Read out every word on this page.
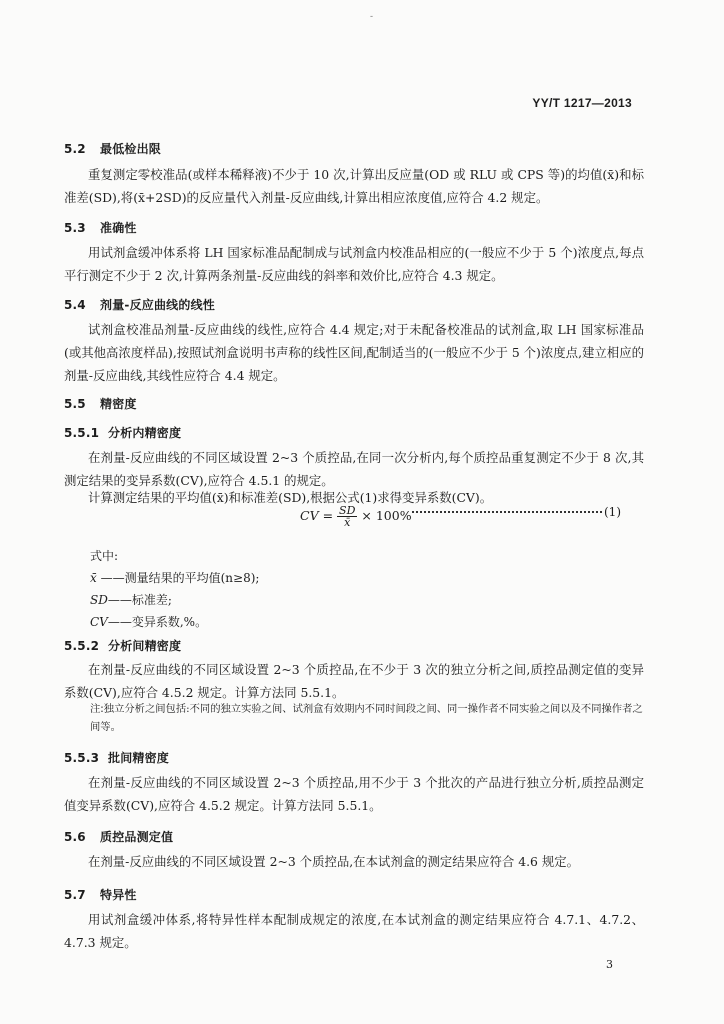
-
YY/T 1217—2013
5.2 最低检出限
重复测定零校准品(或样本稀释液)不少于 10 次,计算出反应量(OD 或 RLU 或 CPS 等)的均值(x̄)和标准差(SD),将(x̄+2SD)的反应量代入剂量-反应曲线,计算出相应浓度值,应符合 4.2 规定。
5.3 准确性
用试剂盒缓冲体系将 LH 国家标准品配制成与试剂盒内校准品相应的(一般应不少于 5 个)浓度点,每点平行测定不少于 2 次,计算两条剂量-反应曲线的斜率和效价比,应符合 4.3 规定。
5.4 剂量-反应曲线的线性
试剂盒校准品剂量-反应曲线的线性,应符合 4.4 规定;对于未配备校准品的试剂盒,取 LH 国家标准品(或其他高浓度样品),按照试剂盒说明书声称的线性区间,配制适当的(一般应不少于 5 个)浓度点,建立相应的剂量-反应曲线,其线性应符合 4.4 规定。
5.5 精密度
5.5.1 分析内精密度
在剂量-反应曲线的不同区域设置 2~3 个质控品,在同一次分析内,每个质控品重复测定不少于 8 次,其测定结果的变异系数(CV),应符合 4.5.1 的规定。
计算测定结果的平均值(x̄)和标准差(SD),根据公式(1)求得变异系数(CV)。
CV = $\frac{SD}{x̄} \times 100\%$	(1)
式中:
x̄ ——测量结果的平均值(n≥8);
SD——标准差;
CV——变异系数,%。
5.5.2 分析间精密度
在剂量-反应曲线的不同区域设置 2~3 个质控品,在不少于 3 次的独立分析之间,质控品测定值的变异系数(CV),应符合 4.5.2 规定。计算方法同 5.5.1。
注:独立分析之间包括:不同的独立实验之间、试剂盒有效期内不同时间段之间、同一操作者不同实验之间以及不同操作者之间等。
5.5.3 批间精密度
在剂量-反应曲线的不同区域设置 2~3 个质控品,用不少于 3 个批次的产品进行独立分析,质控品测定值变异系数(CV),应符合 4.5.2 规定。计算方法同 5.5.1。
5.6 质控品测定值
在剂量-反应曲线的不同区域设置 2~3 个质控品,在本试剂盒的测定结果应符合 4.6 规定。
5.7 特异性
用试剂盒缓冲体系,将特异性样本配制成规定的浓度,在本试剂盒的测定结果应符合 4.7.1、4.7.2、4.7.3 规定。
3
